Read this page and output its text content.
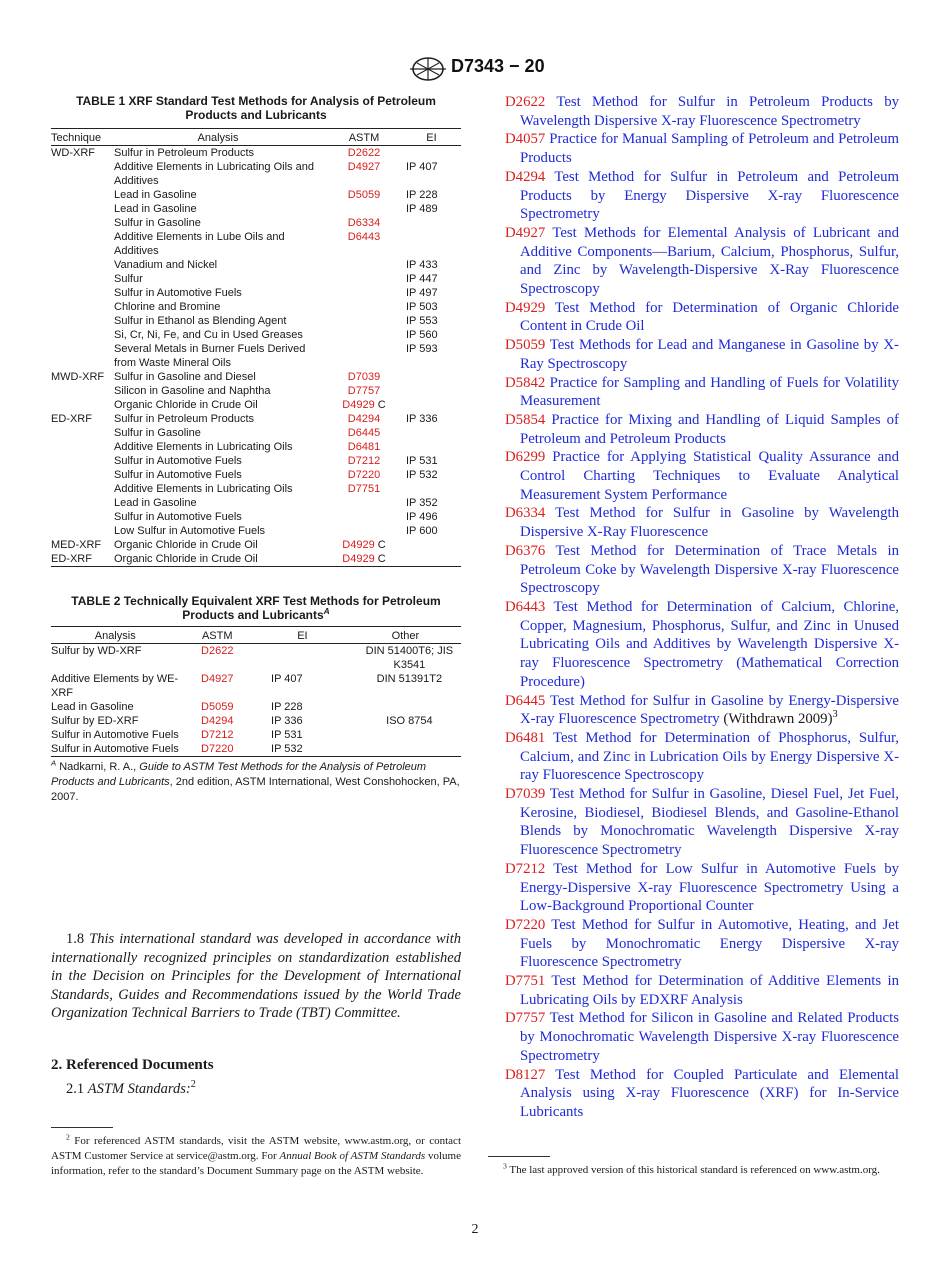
D7343 − 20
TABLE 1 XRF Standard Test Methods for Analysis of Petroleum Products and Lubricants
Technique	Analysis	ASTM	EI
WD-XRF	Sulfur in Petroleum Products	D2622	
	Additive Elements in Lubricating Oils and Additives	D4927	IP 407
	Lead in Gasoline	D5059	IP 228
	Lead in Gasoline		IP 489
	Sulfur in Gasoline	D6334	
	Additive Elements in Lube Oils and Additives	D6443	
	Vanadium and Nickel		IP 433
	Sulfur		IP 447
	Sulfur in Automotive Fuels		IP 497
	Chlorine and Bromine		IP 503
	Sulfur in Ethanol as Blending Agent		IP 553
	Si, Cr, Ni, Fe, and Cu in Used Greases		IP 560
	Several Metals in Burner Fuels Derived from Waste Mineral Oils		IP 593
MWD-XRF	Sulfur in Gasoline and Diesel	D7039	
	Silicon in Gasoline and Naphtha	D7757	
	Organic Chloride in Crude Oil	D4929 C	
ED-XRF	Sulfur in Petroleum Products	D4294	IP 336
	Sulfur in Gasoline	D6445	
	Additive Elements in Lubricating Oils	D6481	
	Sulfur in Automotive Fuels	D7212	IP 531
	Sulfur in Automotive Fuels	D7220	IP 532
	Additive Elements in Lubricating Oils	D7751	
	Lead in Gasoline		IP 352
	Sulfur in Automotive Fuels		IP 496
	Low Sulfur in Automotive Fuels		IP 600
MED-XRF	Organic Chloride in Crude Oil	D4929 C	
ED-XRF	Organic Chloride in Crude Oil	D4929 C	
TABLE 2 Technically Equivalent XRF Test Methods for Petroleum Products and Lubricants$^A$
Analysis	ASTM	EI	Other
Sulfur by WD-XRF	D2622		DIN 51400T6; JIS K3541
Additive Elements by WE-XRF	D4927	IP 407	DIN 51391T2
Lead in Gasoline	D5059	IP 228	
Sulfur by ED-XRF	D4294	IP 336	ISO 8754
Sulfur in Automotive Fuels	D7212	IP 531	
Sulfur in Automotive Fuels	D7220	IP 532	
$^A$ Nadkarni, R. A., Guide to ASTM Test Methods for the Analysis of Petroleum Products and Lubricants, 2nd edition, ASTM International, West Conshohocken, PA, 2007.

1.8 This international standard was developed in accordance with internationally recognized principles on standardization established in the Decision on Principles for the Development of International Standards, Guides and Recommendations issued by the World Trade Organization Technical Barriers to Trade (TBT) Committee.

2. Referenced Documents
2.1 ASTM Standards:$^2$
$^2$ For referenced ASTM standards, visit the ASTM website, www.astm.org, or contact ASTM Customer Service at service@astm.org. For Annual Book of ASTM Standards volume information, refer to the standard’s Document Summary page on the ASTM website.

D2622 Test Method for Sulfur in Petroleum Products by Wavelength Dispersive X-ray Fluorescence Spectrometry

D4057 Practice for Manual Sampling of Petroleum and Petroleum Products

D4294 Test Method for Sulfur in Petroleum and Petroleum Products by Energy Dispersive X-ray Fluorescence Spectrometry

D4927 Test Methods for Elemental Analysis of Lubricant and Additive Components—Barium, Calcium, Phosphorus, Sulfur, and Zinc by Wavelength-Dispersive X-Ray Fluorescence Spectroscopy

D4929 Test Method for Determination of Organic Chloride Content in Crude Oil

D5059 Test Methods for Lead and Manganese in Gasoline by X-Ray Spectroscopy

D5842 Practice for Sampling and Handling of Fuels for Volatility Measurement

D5854 Practice for Mixing and Handling of Liquid Samples of Petroleum and Petroleum Products

D6299 Practice for Applying Statistical Quality Assurance and Control Charting Techniques to Evaluate Analytical Measurement System Performance

D6334 Test Method for Sulfur in Gasoline by Wavelength Dispersive X-Ray Fluorescence

D6376 Test Method for Determination of Trace Metals in Petroleum Coke by Wavelength Dispersive X-ray Fluorescence Spectroscopy

D6443 Test Method for Determination of Calcium, Chlorine, Copper, Magnesium, Phosphorus, Sulfur, and Zinc in Unused Lubricating Oils and Additives by Wavelength Dispersive X-ray Fluorescence Spectrometry (Mathematical Correction Procedure)

D6445 Test Method for Sulfur in Gasoline by Energy-Dispersive X-ray Fluorescence Spectrometry (Withdrawn 2009)$^3$

D6481 Test Method for Determination of Phosphorus, Sulfur, Calcium, and Zinc in Lubrication Oils by Energy Dispersive X-ray Fluorescence Spectroscopy

D7039 Test Method for Sulfur in Gasoline, Diesel Fuel, Jet Fuel, Kerosine, Biodiesel, Biodiesel Blends, and Gasoline-Ethanol Blends by Monochromatic Wavelength Dispersive X-ray Fluorescence Spectrometry

D7212 Test Method for Low Sulfur in Automotive Fuels by Energy-Dispersive X-ray Fluorescence Spectrometry Using a Low-Background Proportional Counter

D7220 Test Method for Sulfur in Automotive, Heating, and Jet Fuels by Monochromatic Energy Dispersive X-ray Fluorescence Spectrometry

D7751 Test Method for Determination of Additive Elements in Lubricating Oils by EDXRF Analysis

D7757 Test Method for Silicon in Gasoline and Related Products by Monochromatic Wavelength Dispersive X-ray Fluorescence Spectrometry

D8127 Test Method for Coupled Particulate and Elemental Analysis using X-ray Fluorescence (XRF) for In-Service Lubricants

$^3$ The last approved version of this historical standard is referenced on www.astm.org.
2
